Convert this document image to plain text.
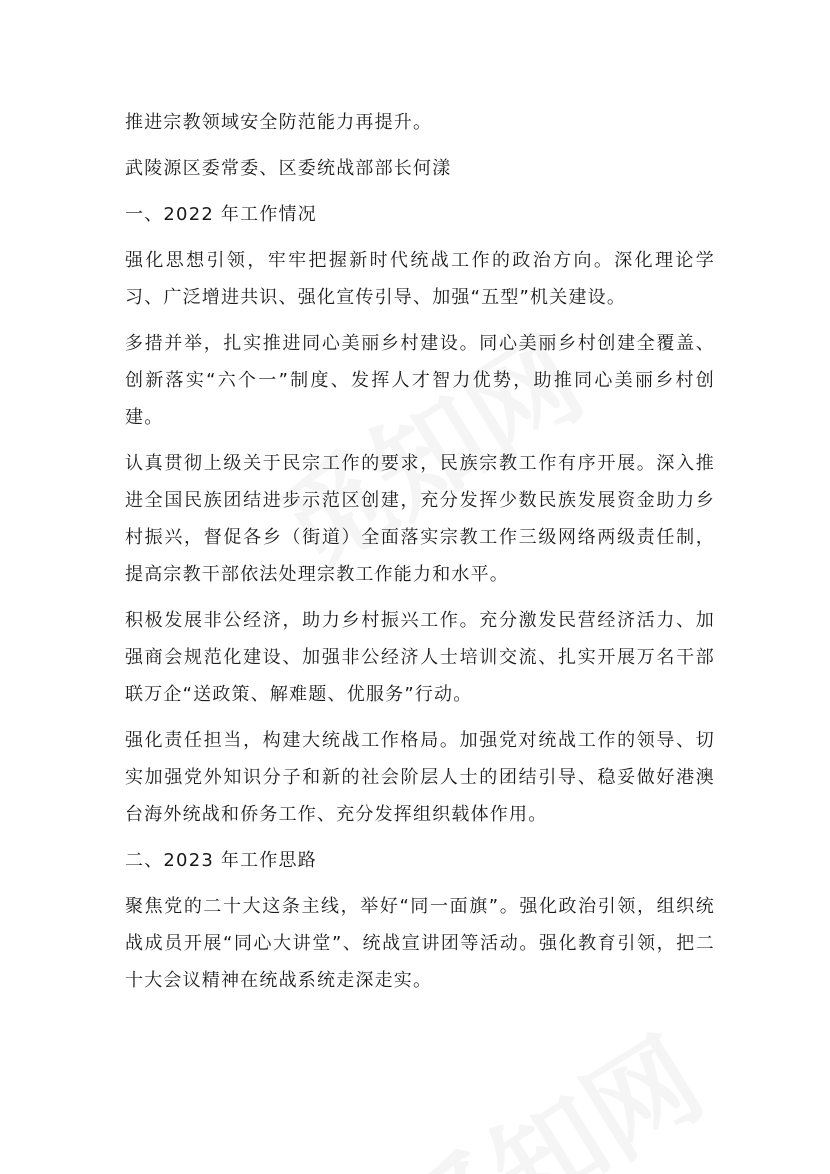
推进宗教领域安全防范能力再提升。

武陵源区委常委、区委统战部部长何漾

一、2022 年工作情况

强化思想引领，牢牢把握新时代统战工作的政治方向。深化理论学习、广泛增进共识、强化宣传引导、加强“五型”机关建设。

多措并举，扎实推进同心美丽乡村建设。同心美丽乡村创建全覆盖、创新落实“六个一”制度、发挥人才智力优势，助推同心美丽乡村创建。

认真贯彻上级关于民宗工作的要求，民族宗教工作有序开展。深入推进全国民族团结进步示范区创建，充分发挥少数民族发展资金助力乡村振兴，督促各乡（街道）全面落实宗教工作三级网络两级责任制，提高宗教干部依法处理宗教工作能力和水平。

积极发展非公经济，助力乡村振兴工作。充分激发民营经济活力、加强商会规范化建设、加强非公经济人士培训交流、扎实开展万名干部联万企“送政策、解难题、优服务”行动。

强化责任担当，构建大统战工作格局。加强党对统战工作的领导、切实加强党外知识分子和新的社会阶层人士的团结引导、稳妥做好港澳台海外统战和侨务工作、充分发挥组织载体作用。

二、2023 年工作思路

聚焦党的二十大这条主线，举好“同一面旗”。强化政治引领，组织统战成员开展“同心大讲堂”、统战宣讲团等活动。强化教育引领，把二十大会议精神在统战系统走深走实。
